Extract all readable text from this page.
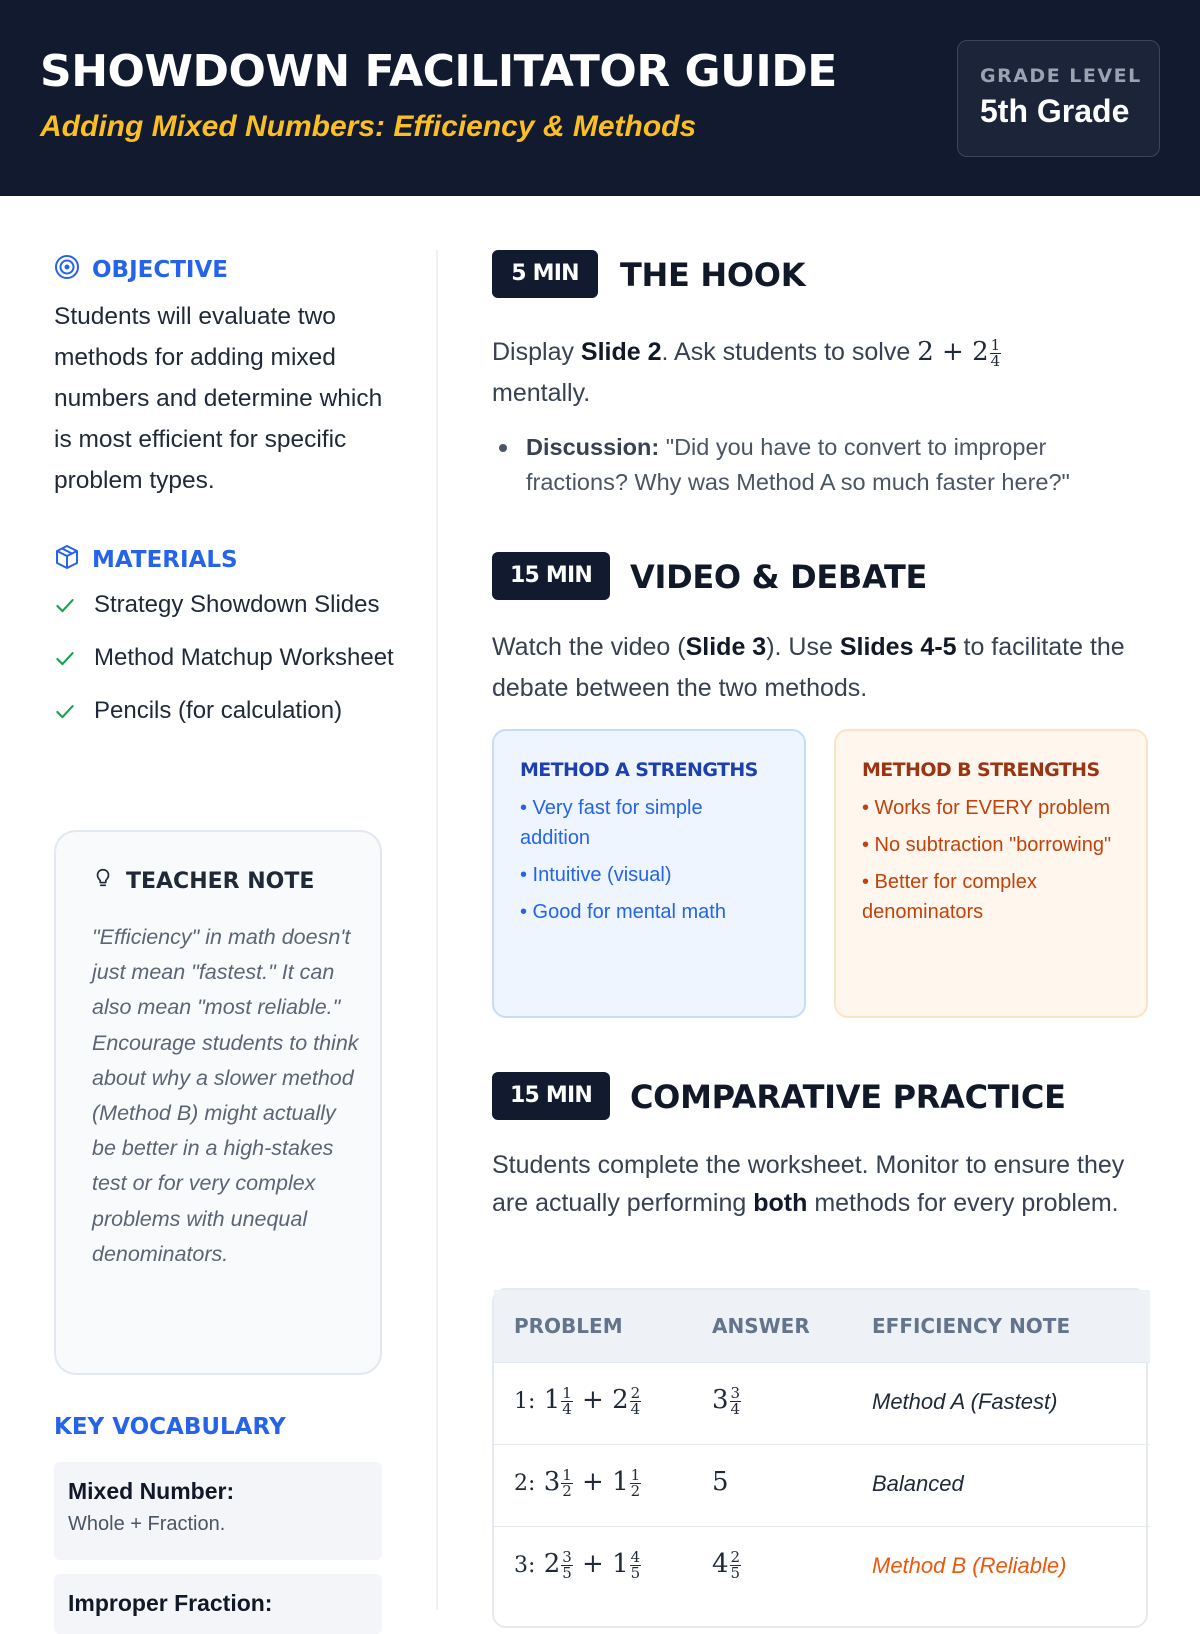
SHOWDOWN FACILITATOR GUIDE
Adding Mixed Numbers: Efficiency & Methods
GRADE LEVEL
5th Grade
OBJECTIVE
Students will evaluate two methods for adding mixed numbers and determine which is most efficient for specific problem types.
MATERIALS
Strategy Showdown Slides
Method Matchup Worksheet
Pencils (for calculation)
TEACHER NOTE
"Efficiency" in math doesn't just mean "fastest." It can also mean "most reliable." Encourage students to think about why a slower method (Method B) might actually be better in a high-stakes test or for very complex problems with unequal denominators.
KEY VOCABULARY
Mixed Number:
Whole + Fraction.
Improper Fraction:
5 MIN	THE HOOK
Display Slide 2. Ask students to solve $2 + 2 \frac{1}{4}$

mentally.
Discussion: "Did you have to convert to improper fractions? Why was Method A so much faster here?"
15 MIN	VIDEO & DEBATE
Watch the video (Slide 3). Use Slides 4-5 to facilitate the debate between the two methods.
METHOD A STRENGTHS
• Very fast for simple addition
• Intuitive (visual)
• Good for mental math
METHOD B STRENGTHS
• Works for EVERY problem
• No subtraction "borrowing"
• Better for complex denominators
15 MIN	COMPARATIVE PRACTICE
Students complete the worksheet. Monitor to ensure they are actually performing both methods for every problem.
PROBLEM	ANSWER	EFFICIENCY NOTE
1: $1 \frac{1}{4} + 2 \frac{2}{4}$	$3 \frac{3}{4}$	Method A (Fastest)
2: $3 \frac{1}{2} + 1 \frac{1}{2}$	5	Balanced
3: $2 \frac{3}{5} + 1 \frac{4}{5}$	$4 \frac{2}{5}$	Method B (Reliable)
